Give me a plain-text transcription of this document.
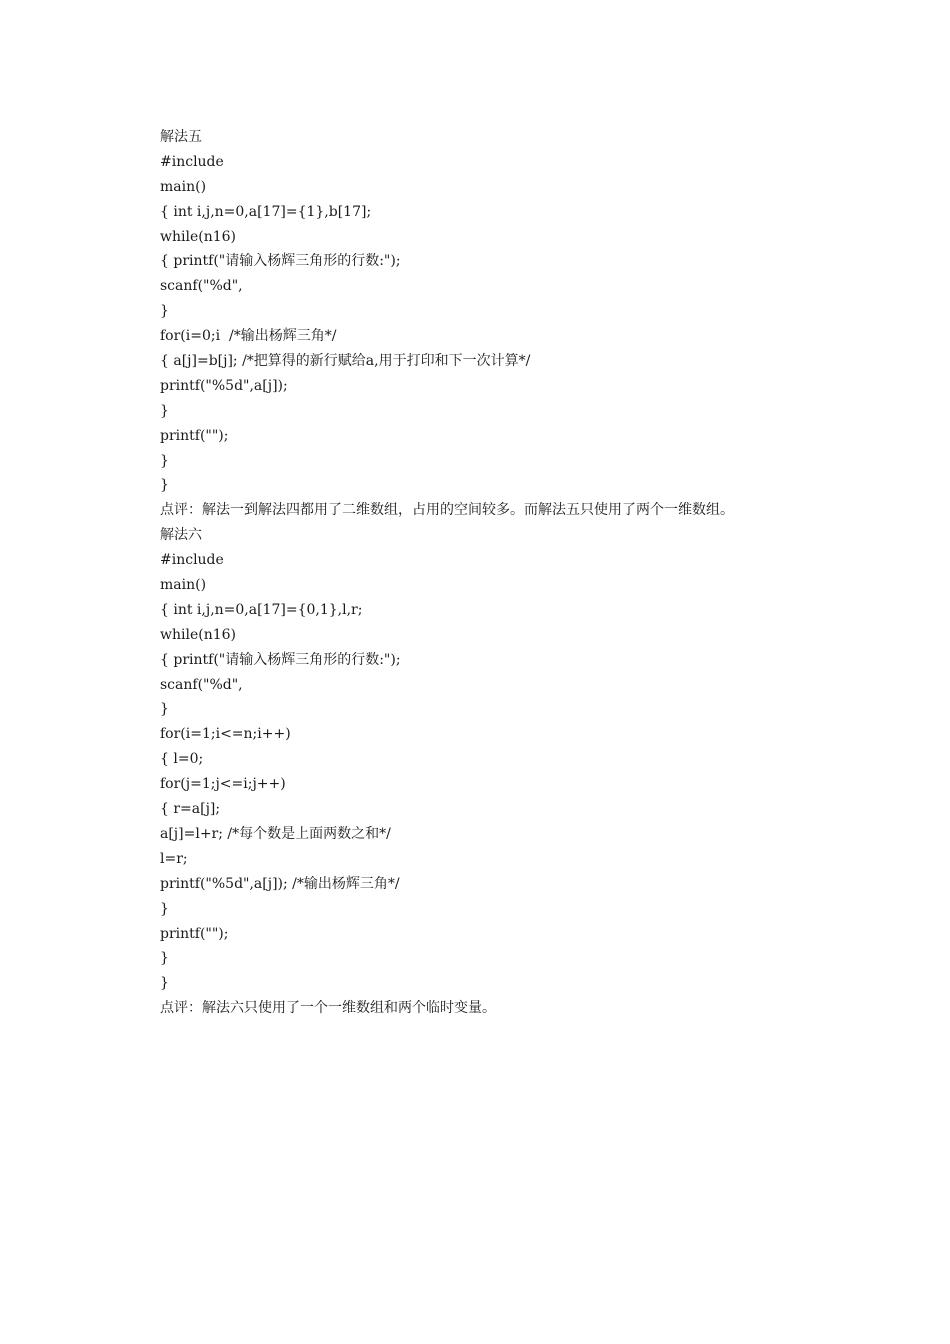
解法五
#include
main()
{ int i,j,n=0,a[17]={1},b[17];
while(n16)
{ printf("请输入杨辉三角形的行数:");
scanf("%d",
}
for(i=0;i  /*输出杨辉三角*/
{ a[j]=b[j]; /*把算得的新行赋给a,用于打印和下一次计算*/
printf("%5d",a[j]);
}
printf("");
}
}
点评：解法一到解法四都用了二维数组，占用的空间较多。而解法五只使用了两个一维数组。
解法六
#include
main()
{ int i,j,n=0,a[17]={0,1},l,r;
while(n16)
{ printf("请输入杨辉三角形的行数:");
scanf("%d",
}
for(i=1;i<=n;i++)
{ l=0;
for(j=1;j<=i;j++)
{ r=a[j];
a[j]=l+r; /*每个数是上面两数之和*/
l=r;
printf("%5d",a[j]); /*输出杨辉三角*/
}
printf("");
}
}
点评：解法六只使用了一个一维数组和两个临时变量。
